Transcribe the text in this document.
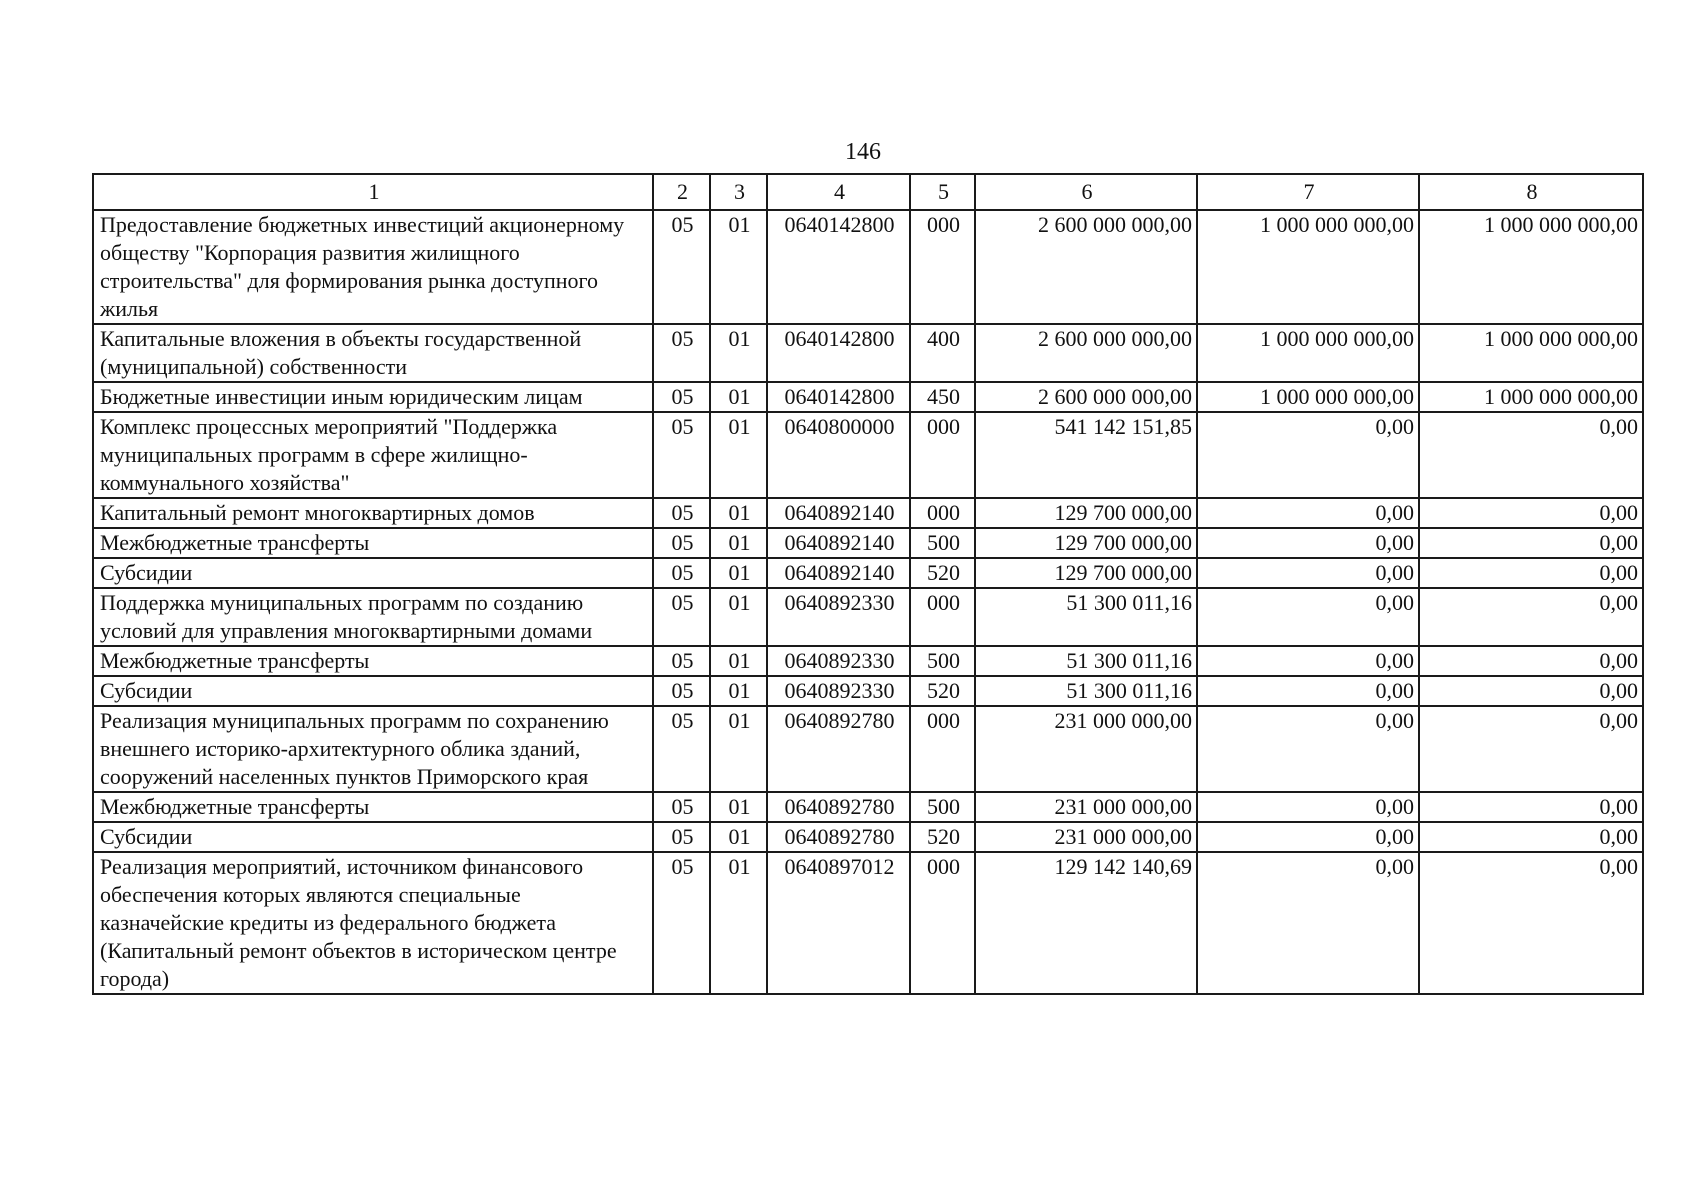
146
1	2	3	4	5	6	7	8
Предоставление бюджетных инвестиций акционерному обществу "Корпорация развития жилищного строительства" для формирования рынка доступного жилья	05	01	0640142800	000	2 600 000 000,00	1 000 000 000,00	1 000 000 000,00
Капитальные вложения в объекты государственной (муниципальной) собственности	05	01	0640142800	400	2 600 000 000,00	1 000 000 000,00	1 000 000 000,00
Бюджетные инвестиции иным юридическим лицам	05	01	0640142800	450	2 600 000 000,00	1 000 000 000,00	1 000 000 000,00
Комплекс процессных мероприятий "Поддержка муниципальных программ в сфере жилищно-коммунального хозяйства"	05	01	0640800000	000	541 142 151,85	0,00	0,00
Капитальный ремонт многоквартирных домов	05	01	0640892140	000	129 700 000,00	0,00	0,00
Межбюджетные трансферты	05	01	0640892140	500	129 700 000,00	0,00	0,00
Субсидии	05	01	0640892140	520	129 700 000,00	0,00	0,00
Поддержка муниципальных программ по созданию условий для управления многоквартирными домами	05	01	0640892330	000	51 300 011,16	0,00	0,00
Межбюджетные трансферты	05	01	0640892330	500	51 300 011,16	0,00	0,00
Субсидии	05	01	0640892330	520	51 300 011,16	0,00	0,00
Реализация муниципальных программ по сохранению внешнего историко-архитектурного облика зданий, сооружений населенных пунктов Приморского края	05	01	0640892780	000	231 000 000,00	0,00	0,00
Межбюджетные трансферты	05	01	0640892780	500	231 000 000,00	0,00	0,00
Субсидии	05	01	0640892780	520	231 000 000,00	0,00	0,00
Реализация мероприятий, источником финансового обеспечения которых являются специальные казначейские кредиты из федерального бюджета (Капитальный ремонт объектов в историческом центре города)	05	01	0640897012	000	129 142 140,69	0,00	0,00
